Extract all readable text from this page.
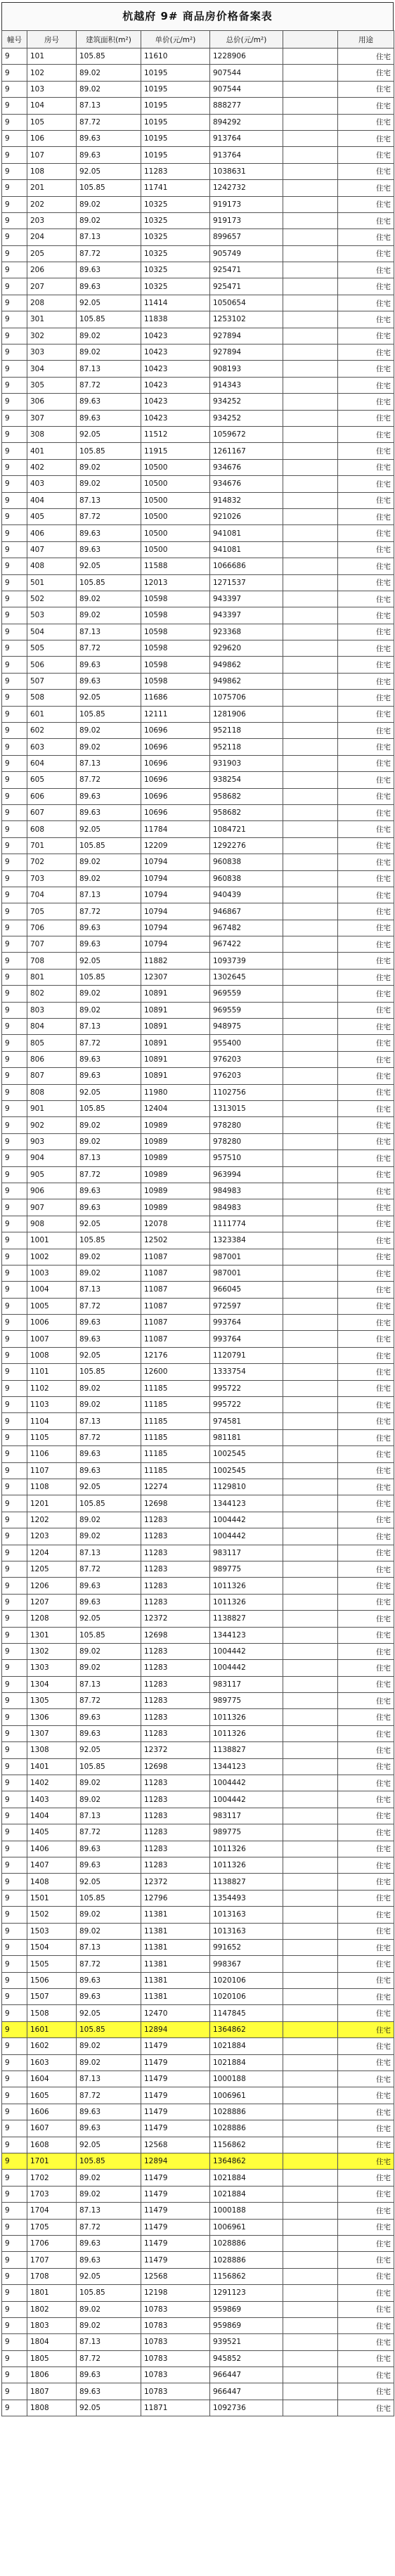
杭越府 9# 商品房价格备案表
幢号	房号	建筑面积(m²)	单价(元/m²)	总价(元/m²)		用途
9	101	105.85	11610	1228906		住宅
9	102	89.02	10195	907544		住宅
9	103	89.02	10195	907544		住宅
9	104	87.13	10195	888277		住宅
9	105	87.72	10195	894292		住宅
9	106	89.63	10195	913764		住宅
9	107	89.63	10195	913764		住宅
9	108	92.05	11283	1038631		住宅
9	201	105.85	11741	1242732		住宅
9	202	89.02	10325	919173		住宅
9	203	89.02	10325	919173		住宅
9	204	87.13	10325	899657		住宅
9	205	87.72	10325	905749		住宅
9	206	89.63	10325	925471		住宅
9	207	89.63	10325	925471		住宅
9	208	92.05	11414	1050654		住宅
9	301	105.85	11838	1253102		住宅
9	302	89.02	10423	927894		住宅
9	303	89.02	10423	927894		住宅
9	304	87.13	10423	908193		住宅
9	305	87.72	10423	914343		住宅
9	306	89.63	10423	934252		住宅
9	307	89.63	10423	934252		住宅
9	308	92.05	11512	1059672		住宅
9	401	105.85	11915	1261167		住宅
9	402	89.02	10500	934676		住宅
9	403	89.02	10500	934676		住宅
9	404	87.13	10500	914832		住宅
9	405	87.72	10500	921026		住宅
9	406	89.63	10500	941081		住宅
9	407	89.63	10500	941081		住宅
9	408	92.05	11588	1066686		住宅
9	501	105.85	12013	1271537		住宅
9	502	89.02	10598	943397		住宅
9	503	89.02	10598	943397		住宅
9	504	87.13	10598	923368		住宅
9	505	87.72	10598	929620		住宅
9	506	89.63	10598	949862		住宅
9	507	89.63	10598	949862		住宅
9	508	92.05	11686	1075706		住宅
9	601	105.85	12111	1281906		住宅
9	602	89.02	10696	952118		住宅
9	603	89.02	10696	952118		住宅
9	604	87.13	10696	931903		住宅
9	605	87.72	10696	938254		住宅
9	606	89.63	10696	958682		住宅
9	607	89.63	10696	958682		住宅
9	608	92.05	11784	1084721		住宅
9	701	105.85	12209	1292276		住宅
9	702	89.02	10794	960838		住宅
9	703	89.02	10794	960838		住宅
9	704	87.13	10794	940439		住宅
9	705	87.72	10794	946867		住宅
9	706	89.63	10794	967482		住宅
9	707	89.63	10794	967422		住宅
9	708	92.05	11882	1093739		住宅
9	801	105.85	12307	1302645		住宅
9	802	89.02	10891	969559		住宅
9	803	89.02	10891	969559		住宅
9	804	87.13	10891	948975		住宅
9	805	87.72	10891	955400		住宅
9	806	89.63	10891	976203		住宅
9	807	89.63	10891	976203		住宅
9	808	92.05	11980	1102756		住宅
9	901	105.85	12404	1313015		住宅
9	902	89.02	10989	978280		住宅
9	903	89.02	10989	978280		住宅
9	904	87.13	10989	957510		住宅
9	905	87.72	10989	963994		住宅
9	906	89.63	10989	984983		住宅
9	907	89.63	10989	984983		住宅
9	908	92.05	12078	1111774		住宅
9	1001	105.85	12502	1323384		住宅
9	1002	89.02	11087	987001		住宅
9	1003	89.02	11087	987001		住宅
9	1004	87.13	11087	966045		住宅
9	1005	87.72	11087	972597		住宅
9	1006	89.63	11087	993764		住宅
9	1007	89.63	11087	993764		住宅
9	1008	92.05	12176	1120791		住宅
9	1101	105.85	12600	1333754		住宅
9	1102	89.02	11185	995722		住宅
9	1103	89.02	11185	995722		住宅
9	1104	87.13	11185	974581		住宅
9	1105	87.72	11185	981181		住宅
9	1106	89.63	11185	1002545		住宅
9	1107	89.63	11185	1002545		住宅
9	1108	92.05	12274	1129810		住宅
9	1201	105.85	12698	1344123		住宅
9	1202	89.02	11283	1004442		住宅
9	1203	89.02	11283	1004442		住宅
9	1204	87.13	11283	983117		住宅
9	1205	87.72	11283	989775		住宅
9	1206	89.63	11283	1011326		住宅
9	1207	89.63	11283	1011326		住宅
9	1208	92.05	12372	1138827		住宅
9	1301	105.85	12698	1344123		住宅
9	1302	89.02	11283	1004442		住宅
9	1303	89.02	11283	1004442		住宅
9	1304	87.13	11283	983117		住宅
9	1305	87.72	11283	989775		住宅
9	1306	89.63	11283	1011326		住宅
9	1307	89.63	11283	1011326		住宅
9	1308	92.05	12372	1138827		住宅
9	1401	105.85	12698	1344123		住宅
9	1402	89.02	11283	1004442		住宅
9	1403	89.02	11283	1004442		住宅
9	1404	87.13	11283	983117		住宅
9	1405	87.72	11283	989775		住宅
9	1406	89.63	11283	1011326		住宅
9	1407	89.63	11283	1011326		住宅
9	1408	92.05	12372	1138827		住宅
9	1501	105.85	12796	1354493		住宅
9	1502	89.02	11381	1013163		住宅
9	1503	89.02	11381	1013163		住宅
9	1504	87.13	11381	991652		住宅
9	1505	87.72	11381	998367		住宅
9	1506	89.63	11381	1020106		住宅
9	1507	89.63	11381	1020106		住宅
9	1508	92.05	12470	1147845		住宅
9	1601	105.85	12894	1364862		住宅
9	1602	89.02	11479	1021884		住宅
9	1603	89.02	11479	1021884		住宅
9	1604	87.13	11479	1000188		住宅
9	1605	87.72	11479	1006961		住宅
9	1606	89.63	11479	1028886		住宅
9	1607	89.63	11479	1028886		住宅
9	1608	92.05	12568	1156862		住宅
9	1701	105.85	12894	1364862		住宅
9	1702	89.02	11479	1021884		住宅
9	1703	89.02	11479	1021884		住宅
9	1704	87.13	11479	1000188		住宅
9	1705	87.72	11479	1006961		住宅
9	1706	89.63	11479	1028886		住宅
9	1707	89.63	11479	1028886		住宅
9	1708	92.05	12568	1156862		住宅
9	1801	105.85	12198	1291123		住宅
9	1802	89.02	10783	959869		住宅
9	1803	89.02	10783	959869		住宅
9	1804	87.13	10783	939521		住宅
9	1805	87.72	10783	945852		住宅
9	1806	89.63	10783	966447		住宅
9	1807	89.63	10783	966447		住宅
9	1808	92.05	11871	1092736		住宅
